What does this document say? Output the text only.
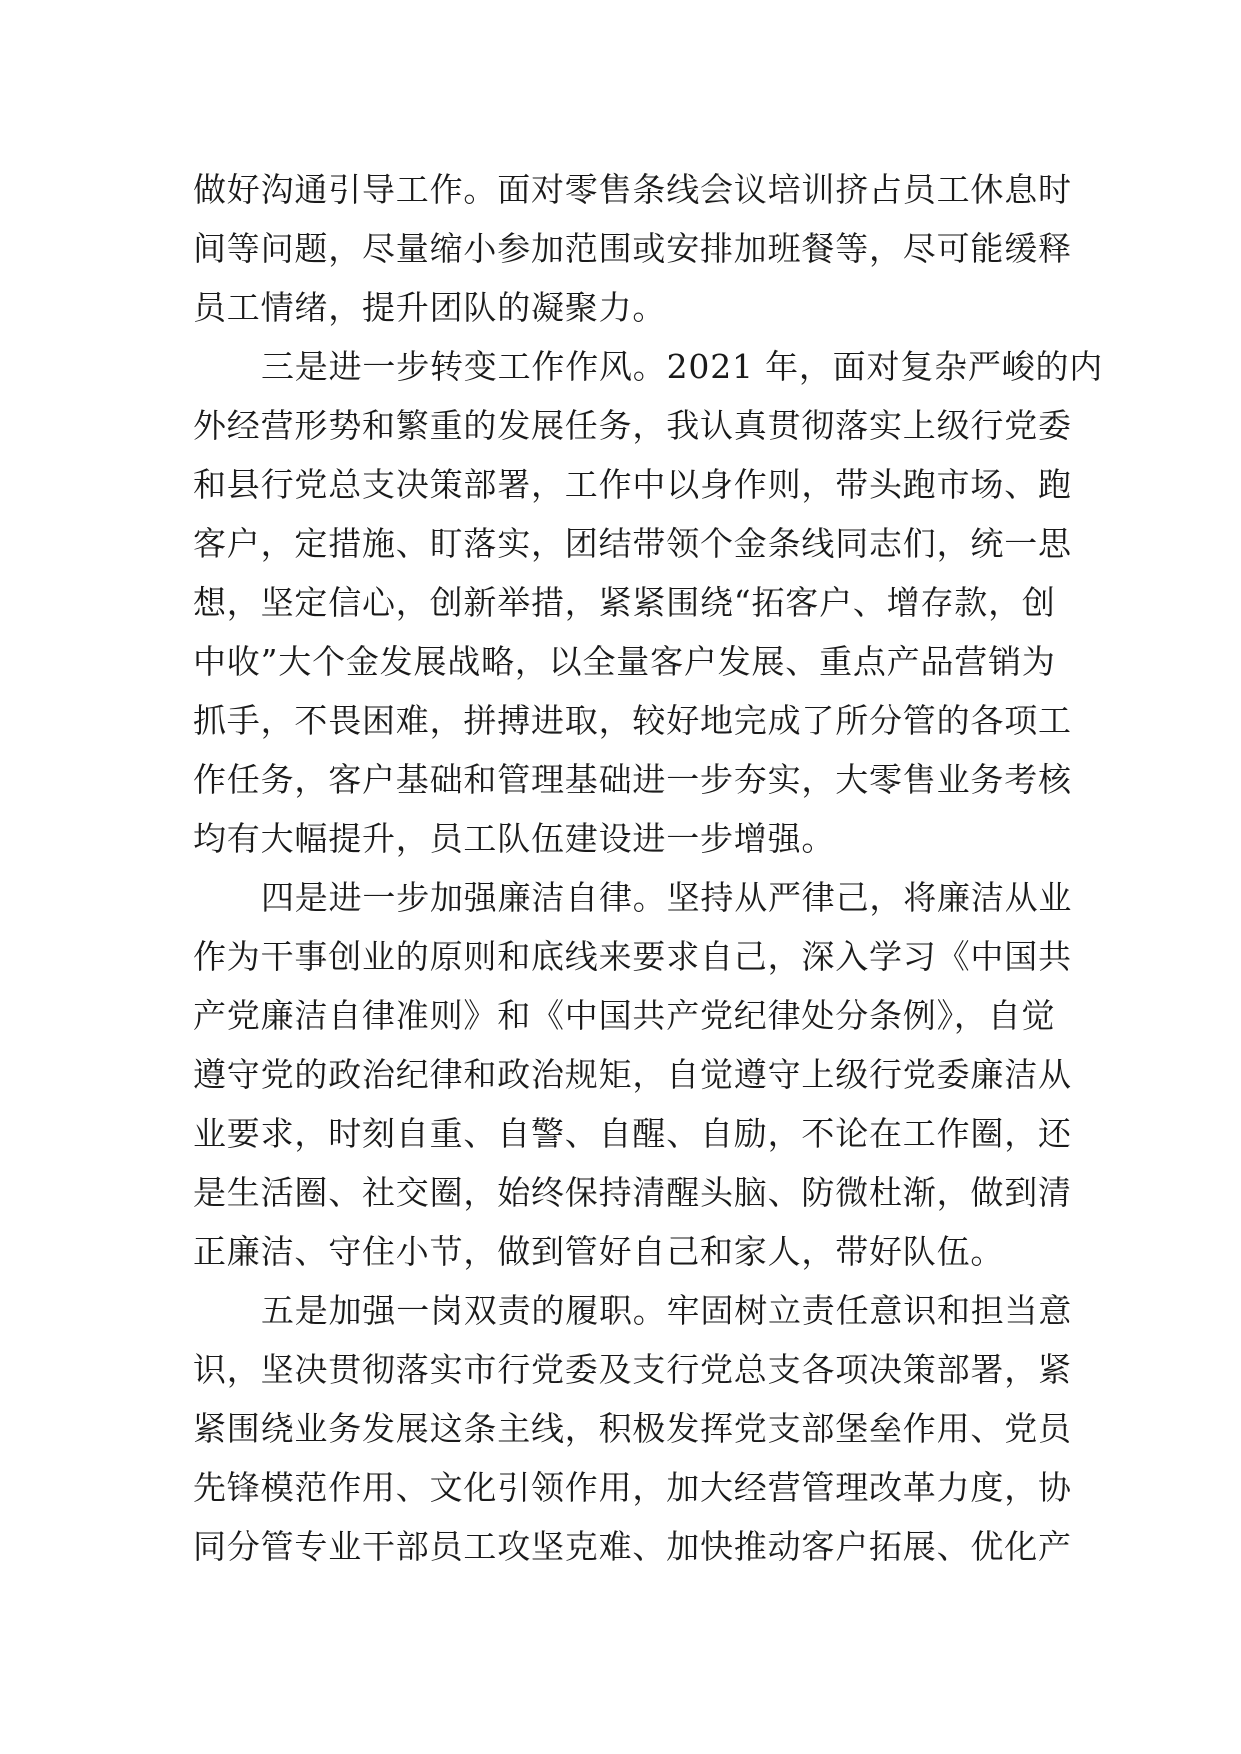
做好沟通引导工作。面对零售条线会议培训挤占员工休息时
间等问题，尽量缩小参加范围或安排加班餐等，尽可能缓释
员工情绪，提升团队的凝聚力。
三是进一步转变工作作风。2021 年，面对复杂严峻的内
外经营形势和繁重的发展任务，我认真贯彻落实上级行党委
和县行党总支决策部署，工作中以身作则，带头跑市场、跑
客户，定措施、盯落实，团结带领个金条线同志们，统一思
想，坚定信心，创新举措，紧紧围绕“拓客户、增存款，创
中收”大个金发展战略，以全量客户发展、重点产品营销为
抓手，不畏困难，拼搏进取，较好地完成了所分管的各项工
作任务，客户基础和管理基础进一步夯实，大零售业务考核
均有大幅提升，员工队伍建设进一步增强。
四是进一步加强廉洁自律。坚持从严律己，将廉洁从业
作为干事创业的原则和底线来要求自己，深入学习《中国共
产党廉洁自律准则》和《中国共产党纪律处分条例》，自觉
遵守党的政治纪律和政治规矩，自觉遵守上级行党委廉洁从
业要求，时刻自重、自警、自醒、自励，不论在工作圈，还
是生活圈、社交圈，始终保持清醒头脑、防微杜渐，做到清
正廉洁、守住小节，做到管好自己和家人，带好队伍。
五是加强一岗双责的履职。牢固树立责任意识和担当意
识，坚决贯彻落实市行党委及支行党总支各项决策部署，紧
紧围绕业务发展这条主线，积极发挥党支部堡垒作用、党员
先锋模范作用、文化引领作用，加大经营管理改革力度，协
同分管专业干部员工攻坚克难、加快推动客户拓展、优化产
